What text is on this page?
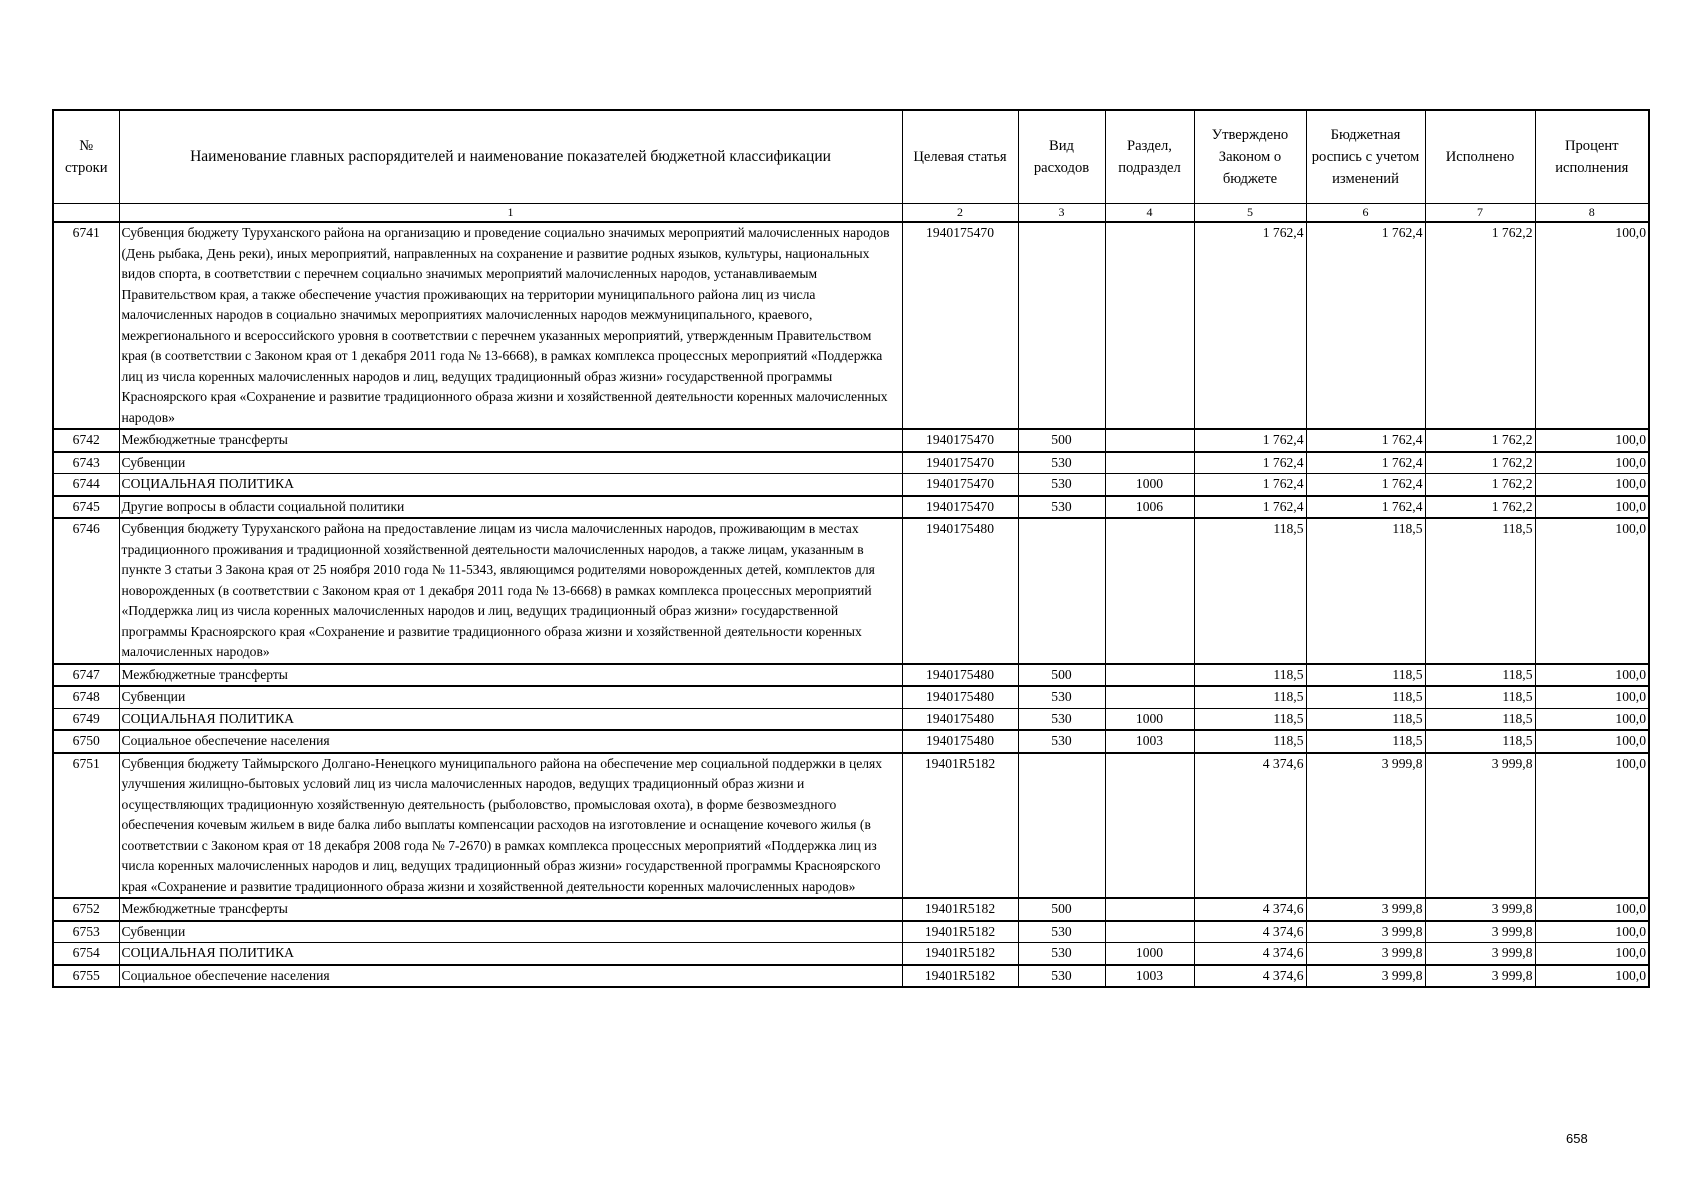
№ строки	Наименование главных распорядителей и наименование показателей бюджетной классификации	Целевая статья	Вид расходов	Раздел, подраздел	Утверждено Законом о бюджете	Бюджетная роспись с учетом изменений	Исполнено	Процент исполнения
	1	2	3	4	5	6	7	8
6741	Субвенция бюджету Туруханского района на организацию и проведение социально значимых мероприятий малочисленных народов (День рыбака, День реки), иных мероприятий, направленных на сохранение и развитие родных языков, культуры, национальных видов спорта, в соответствии с перечнем социально значимых мероприятий малочисленных народов, устанавливаемым Правительством края, а также обеспечение участия проживающих на территории муниципального района лиц из числа малочисленных народов в социально значимых мероприятиях малочисленных народов межмуниципального, краевого, межрегионального и всероссийского уровня в соответствии с перечнем указанных мероприятий, утвержденным Правительством края (в соответствии с Законом края от 1 декабря 2011 года № 13-6668), в рамках комплекса процессных мероприятий «Поддержка лиц из числа коренных малочисленных народов и лиц, ведущих традиционный образ жизни» государственной программы Красноярского края «Сохранение и развитие традиционного образа жизни и хозяйственной деятельности коренных малочисленных народов»	1940175470			1 762,4	1 762,4	1 762,2	100,0
6742	Межбюджетные трансферты	1940175470	500		1 762,4	1 762,4	1 762,2	100,0
6743	Субвенции	1940175470	530		1 762,4	1 762,4	1 762,2	100,0
6744	СОЦИАЛЬНАЯ ПОЛИТИКА	1940175470	530	1000	1 762,4	1 762,4	1 762,2	100,0
6745	Другие вопросы в области социальной политики	1940175470	530	1006	1 762,4	1 762,4	1 762,2	100,0
6746	Субвенция бюджету Туруханского района на предоставление лицам из числа малочисленных народов, проживающим в местах традиционного проживания и традиционной хозяйственной деятельности малочисленных народов, а также лицам, указанным в пункте 3 статьи 3 Закона края от 25 ноября 2010 года № 11-5343, являющимся родителями новорожденных детей, комплектов для новорожденных (в соответствии с Законом края от 1 декабря 2011 года № 13-6668) в рамках комплекса процессных мероприятий «Поддержка лиц из числа коренных малочисленных народов и лиц, ведущих традиционный образ жизни» государственной программы Красноярского края «Сохранение и развитие традиционного образа жизни и хозяйственной деятельности коренных малочисленных народов»	1940175480			118,5	118,5	118,5	100,0
6747	Межбюджетные трансферты	1940175480	500		118,5	118,5	118,5	100,0
6748	Субвенции	1940175480	530		118,5	118,5	118,5	100,0
6749	СОЦИАЛЬНАЯ ПОЛИТИКА	1940175480	530	1000	118,5	118,5	118,5	100,0
6750	Социальное обеспечение населения	1940175480	530	1003	118,5	118,5	118,5	100,0
6751	Субвенция бюджету Таймырского Долгано-Ненецкого муниципального района на обеспечение мер социальной поддержки в целях улучшения жилищно-бытовых условий лиц из числа малочисленных народов, ведущих традиционный образ жизни и осуществляющих традиционную хозяйственную деятельность (рыболовство, промысловая охота), в форме безвозмездного обеспечения кочевым жильем в виде балка либо выплаты компенсации расходов на изготовление и оснащение кочевого жилья (в соответствии с Законом края от 18 декабря 2008 года № 7-2670) в рамках комплекса процессных мероприятий «Поддержка лиц из числа коренных малочисленных народов и лиц, ведущих традиционный образ жизни» государственной программы Красноярского края «Сохранение и развитие традиционного образа жизни и хозяйственной деятельности коренных малочисленных народов»	19401R5182			4 374,6	3 999,8	3 999,8	100,0
6752	Межбюджетные трансферты	19401R5182	500		4 374,6	3 999,8	3 999,8	100,0
6753	Субвенции	19401R5182	530		4 374,6	3 999,8	3 999,8	100,0
6754	СОЦИАЛЬНАЯ ПОЛИТИКА	19401R5182	530	1000	4 374,6	3 999,8	3 999,8	100,0
6755	Социальное обеспечение населения	19401R5182	530	1003	4 374,6	3 999,8	3 999,8	100,0
658
